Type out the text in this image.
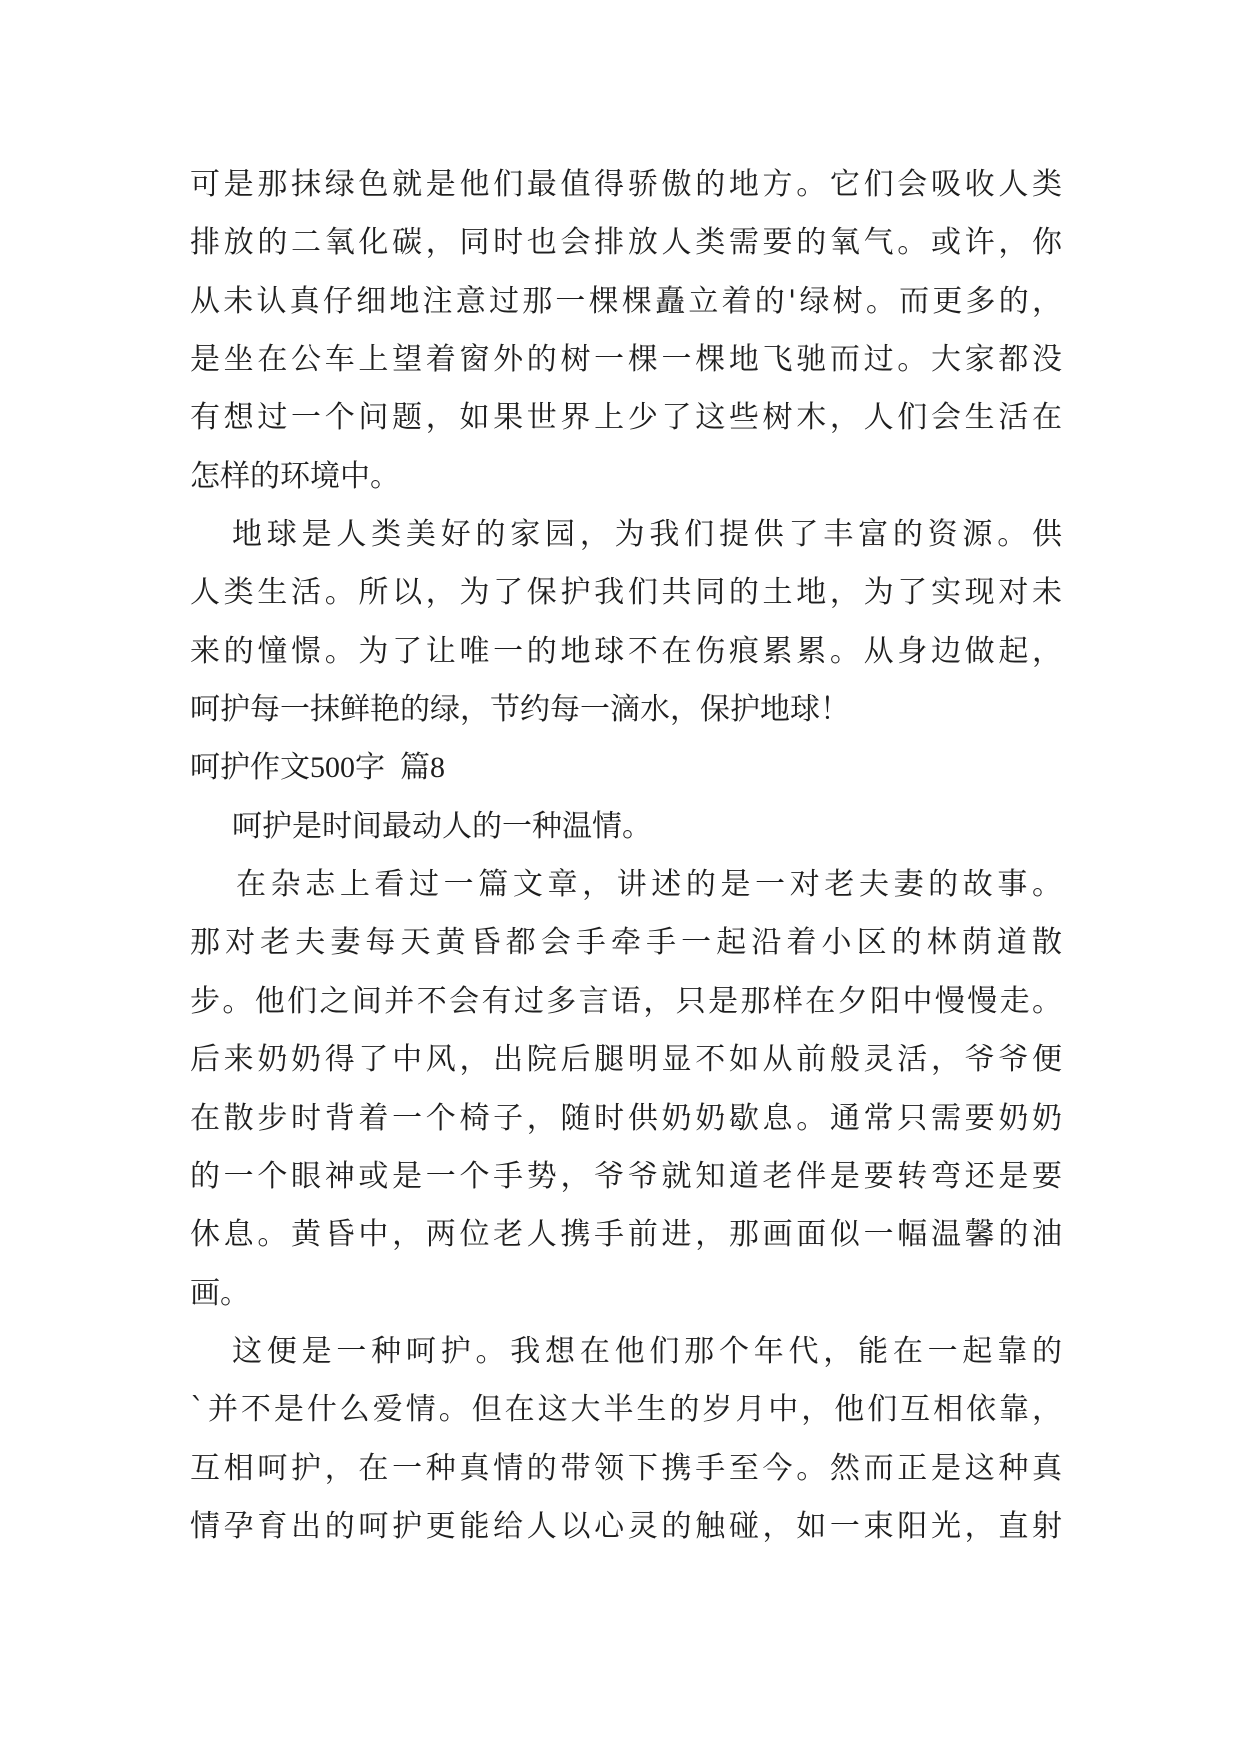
可是那抹绿色就是他们最值得骄傲的地方。它们会吸收人类
排放的二氧化碳，同时也会排放人类需要的氧气。或许，你
从未认真仔细地注意过那一棵棵矗立着的'绿树。而更多的，
是坐在公车上望着窗外的树一棵一棵地飞驰而过。大家都没
有想过一个问题，如果世界上少了这些树木，人们会生活在
怎样的环境中。
地球是人类美好的家园，为我们提供了丰富的资源。供
人类生活。所以，为了保护我们共同的土地，为了实现对未
来的憧憬。为了让唯一的地球不在伤痕累累。从身边做起，
呵护每一抹鲜艳的绿，节约每一滴水，保护地球！
呵护作文500字  篇8
呵护是时间最动人的一种温情。
在杂志上看过一篇文章，讲述的是一对老夫妻的故事。
那对老夫妻每天黄昏都会手牵手一起沿着小区的林荫道散
步。他们之间并不会有过多言语，只是那样在夕阳中慢慢走。
后来奶奶得了中风，出院后腿明显不如从前般灵活，爷爷便
在散步时背着一个椅子，随时供奶奶歇息。通常只需要奶奶
的一个眼神或是一个手势，爷爷就知道老伴是要转弯还是要
休息。黄昏中，两位老人携手前进，那画面似一幅温馨的油
画。
这便是一种呵护。我想在他们那个年代，能在一起靠的
`并不是什么爱情。但在这大半生的岁月中，他们互相依靠，
互相呵护，在一种真情的带领下携手至今。然而正是这种真
情孕育出的呵护更能给人以心灵的触碰，如一束阳光，直射
